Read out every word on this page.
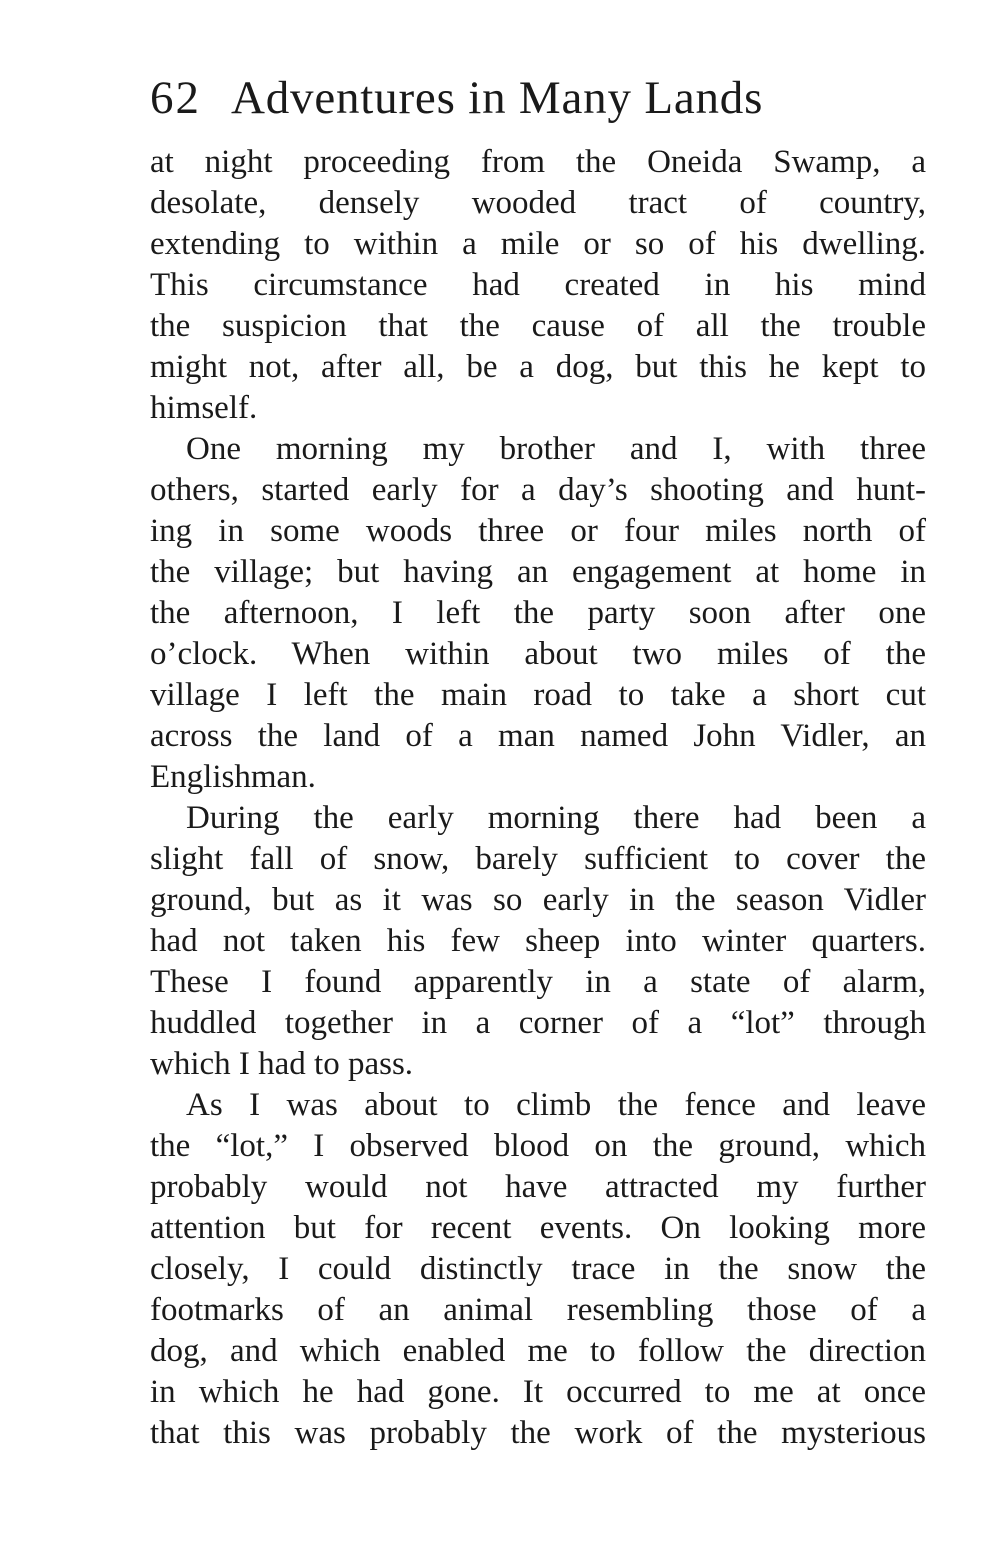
62 Adventures in Many Lands
at night proceeding from the Oneida Swamp, a
desolate, densely wooded tract of country,
extending to within a mile or so of his dwelling.
This circumstance had created in his mind
the suspicion that the cause of all the trouble
might not, after all, be a dog, but this he kept to
himself.
One morning my brother and I, with three
others, started early for a day’s shooting and hunt-
ing in some woods three or four miles north of
the village; but having an engagement at home in
the afternoon, I left the party soon after one
o’clock. When within about two miles of the
village I left the main road to take a short cut
across the land of a man named John Vidler, an
Englishman.
During the early morning there had been a
slight fall of snow, barely sufficient to cover the
ground, but as it was so early in the season Vidler
had not taken his few sheep into winter quarters.
These I found apparently in a state of alarm,
huddled together in a corner of a “lot” through
which I had to pass.
As I was about to climb the fence and leave
the “lot,” I observed blood on the ground, which
probably would not have attracted my further
attention but for recent events. On looking more
closely, I could distinctly trace in the snow the
footmarks of an animal resembling those of a
dog, and which enabled me to follow the direction
in which he had gone. It occurred to me at once
that this was probably the work of the mysterious
